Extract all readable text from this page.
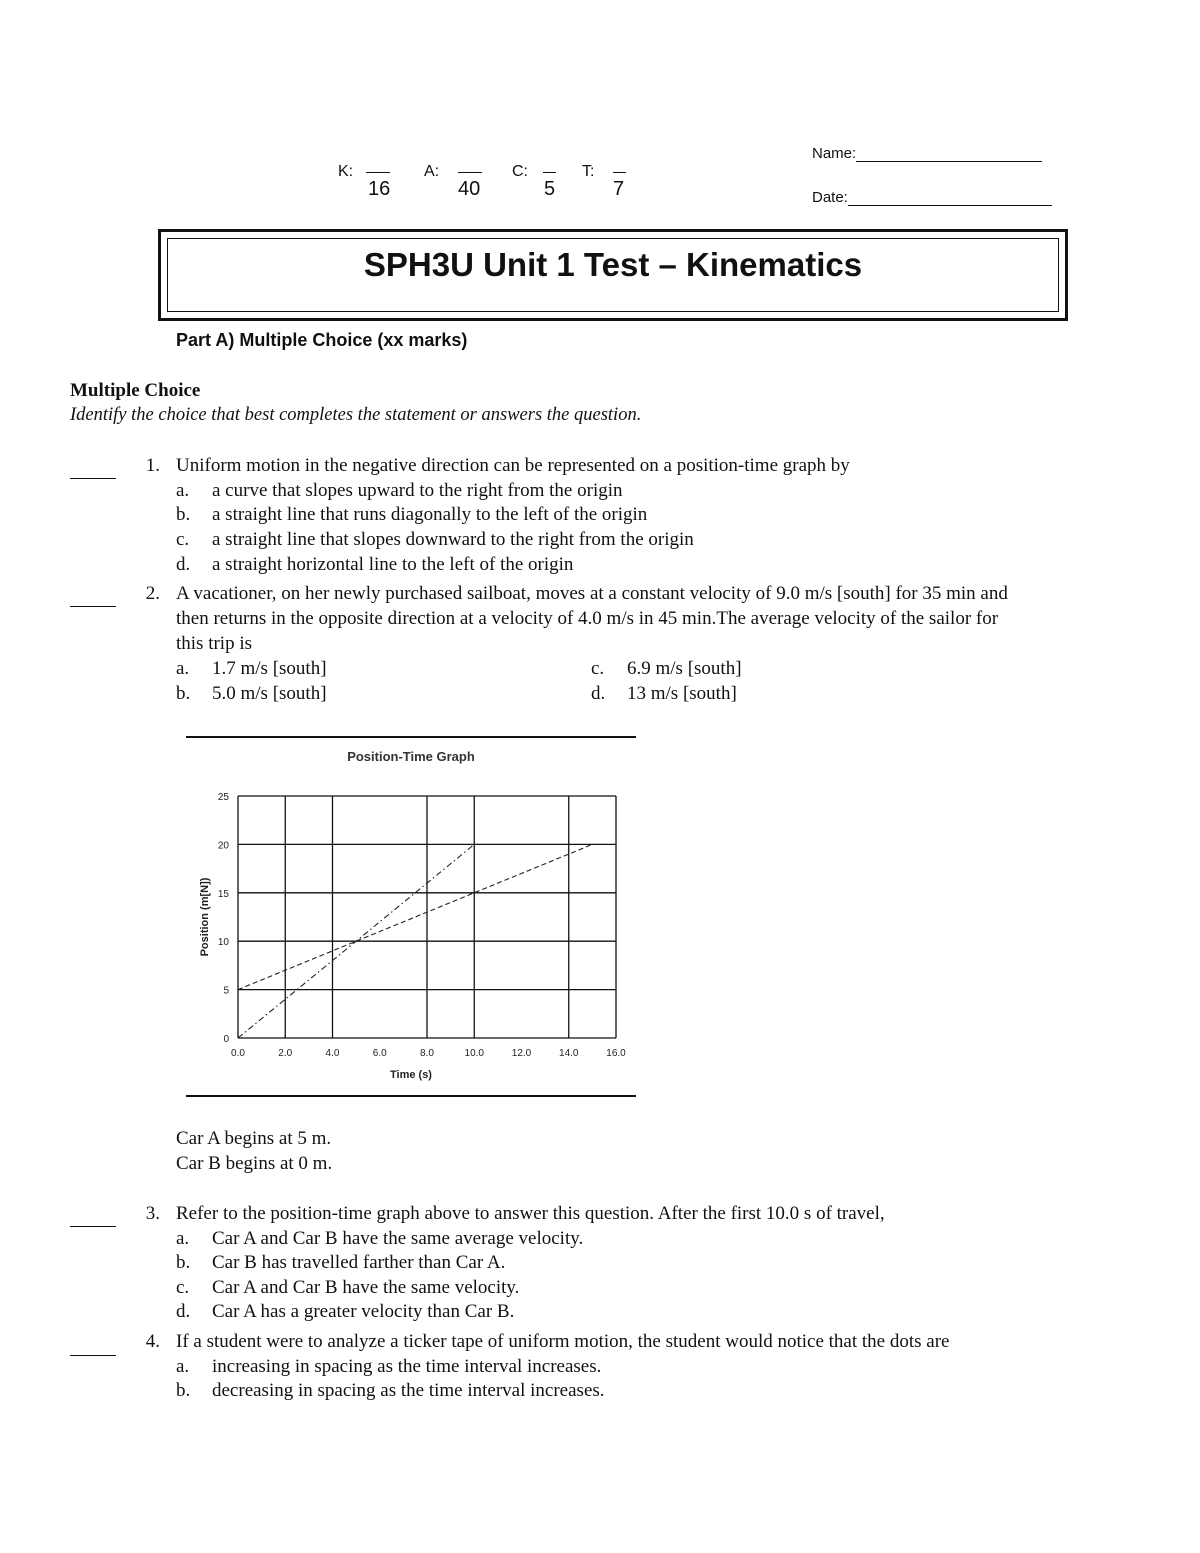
K:
16
A:
40
C:
5
T:
7
Name:
Date:
SPH3U Unit 1 Test – Kinematics
Part A) Multiple Choice (xx marks)
Multiple Choice
Identify the choice that best completes the statement or answers the question.
1. Uniform motion in the negative direction can be represented on a position-time graph by
a. a curve that slopes upward to the right from the origin
b. a straight line that runs diagonally to the left of the origin
c. a straight line that slopes downward to the right from the origin
d. a straight horizontal line to the left of the origin
2. A vacationer, on her newly purchased sailboat, moves at a constant velocity of 9.0 m/s [south] for 35 min and
then returns in the opposite direction at a velocity of 4.0 m/s in 45 min.The average velocity of the sailor for
this trip is
a. 1.7 m/s [south]
b. 5.0 m/s [south]
c. 6.9 m/s [south]
d. 13 m/s [south]
Position-Time Graph
0
5
10
15
20
25
0.0	2.0	4.0	6.0	8.0	10.0	12.0	14.0	16.0
Time (s)
Position (m[N])
Car A begins at 5 m.
Car B begins at 0 m.
3. Refer to the position-time graph above to answer this question. After the first 10.0 s of travel,
a. Car A and Car B have the same average velocity.
b. Car B has travelled farther than Car A.
c. Car A and Car B have the same velocity.
d. Car A has a greater velocity than Car B.
4. If a student were to analyze a ticker tape of uniform motion, the student would notice that the dots are
a. increasing in spacing as the time interval increases.
b. decreasing in spacing as the time interval increases.
